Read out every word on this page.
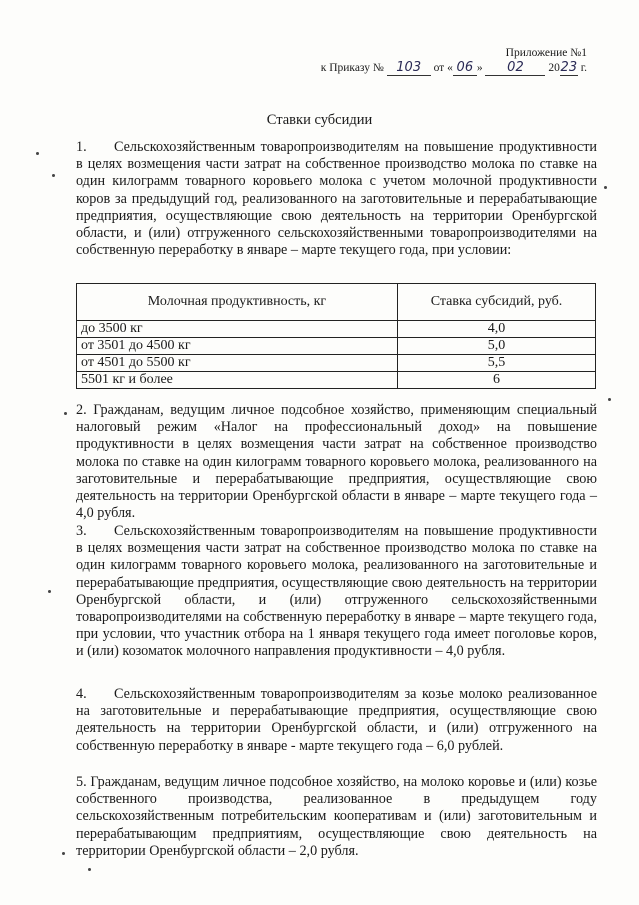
Приложение №1
к Приказу № 103 от « 06 » 02 2023 г.
Ставки субсидии

1. Сельскохозяйственным товаропроизводителям на повышение продуктивности в целях возмещения части затрат на собственное производство молока по ставке на один килограмм товарного коровьего молока с учетом молочной продуктивности коров за предыдущий год, реализованного на заготовительные и перерабатывающие предприятия, осуществляющие свою деятельность на территории Оренбургской области, и (или) отгруженного сельскохозяйственными товаропроизводителями на собственную переработку в январе – марте текущего года, при условии:

Молочная продуктивность, кг	Ставка субсидий, руб.
до 3500 кг	4,0
от 3501 до 4500 кг	5,0
от 4501 до 5500 кг	5,5
5501 кг и более	6

2. Гражданам, ведущим личное подсобное хозяйство, применяющим специальный налоговый режим «Налог на профессиональный доход» на повышение продуктивности в целях возмещения части затрат на собственное производство молока по ставке на один килограмм товарного коровьего молока, реализованного на заготовительные и перерабатывающие предприятия, осуществляющие свою деятельность на территории Оренбургской области в январе – марте текущего года – 4,0 рубля.

3. Сельскохозяйственным товаропроизводителям на повышение продуктивности в целях возмещения части затрат на собственное производство молока по ставке на один килограмм товарного коровьего молока, реализованного на заготовительные и перерабатывающие предприятия, осуществляющие свою деятельность на территории Оренбургской области, и (или) отгруженного сельскохозяйственными товаропроизводителями на собственную переработку в январе – марте текущего года, при условии, что участник отбора на 1 января текущего года имеет поголовье коров, и (или) козоматок молочного направления продуктивности – 4,0 рубля.

4. Сельскохозяйственным товаропроизводителям за козье молоко реализованное на заготовительные и перерабатывающие предприятия, осуществляющие свою деятельность на территории Оренбургской области, и (или) отгруженного на собственную переработку в январе - марте текущего года – 6,0 рублей.

5. Гражданам, ведущим личное подсобное хозяйство, на молоко коровье и (или) козье собственного производства, реализованное в предыдущем году сельскохозяйственным потребительским кооперативам и (или) заготовительным и перерабатывающим предприятиям, осуществляющие свою деятельность на территории Оренбургской области – 2,0 рубля.
